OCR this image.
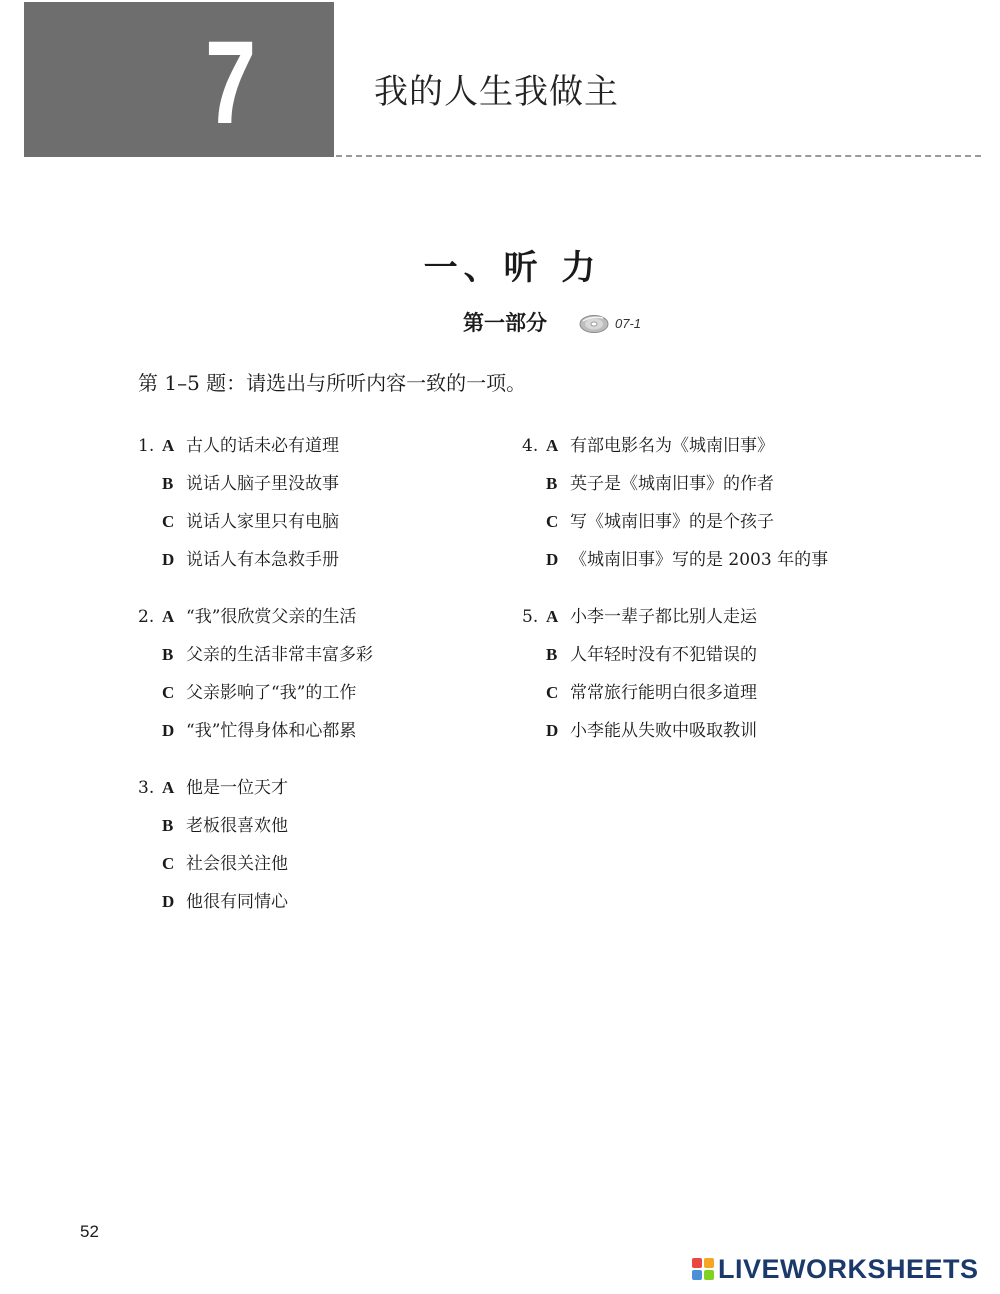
7	我的人生我做主
一、听 力
第一部分	07-1
第 1–5 题：请选出与所听内容一致的一项。
1. A 古人的话未必有道理
B 说话人脑子里没故事
C 说话人家里只有电脑
D 说话人有本急救手册
2. A “我”很欣赏父亲的生活
B 父亲的生活非常丰富多彩
C 父亲影响了“我”的工作
D “我”忙得身体和心都累
3. A 他是一位天才
B 老板很喜欢他
C 社会很关注他
D 他很有同情心
4. A 有部电影名为《城南旧事》
B 英子是《城南旧事》的作者
C 写《城南旧事》的是个孩子
D 《城南旧事》写的是 2003 年的事
5. A 小李一辈子都比别人走运
B 人年轻时没有不犯错误的
C 常常旅行能明白很多道理
D 小李能从失败中吸取教训
52
LIVEWORKSHEETS
